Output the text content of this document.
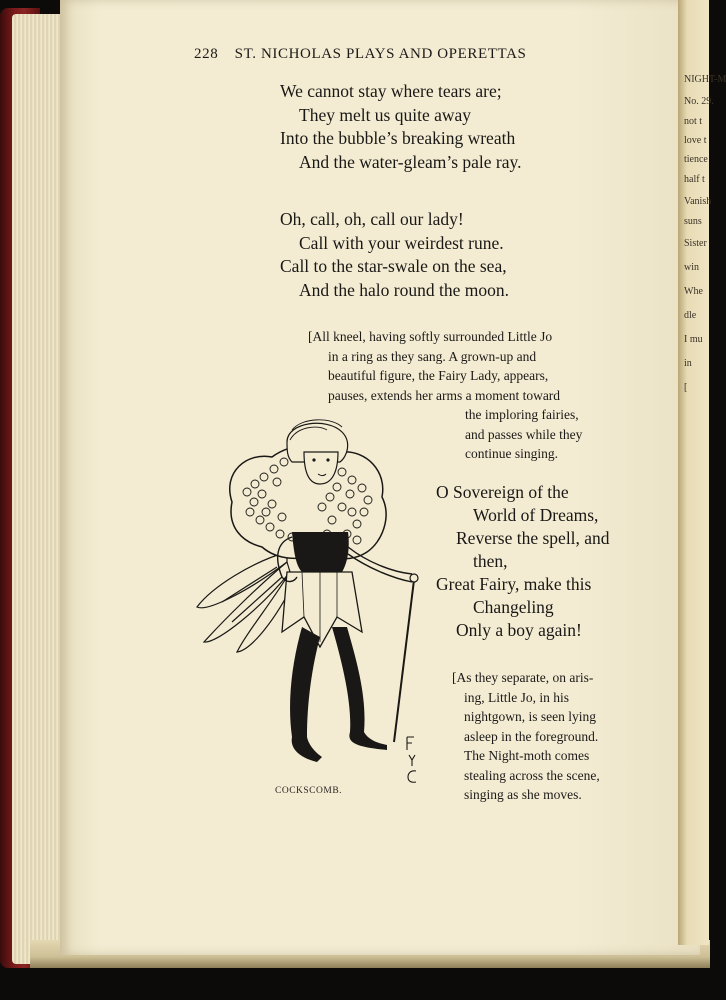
NIGHT-M
No. 29.
not t
love t
tience
half t
Vanish
suns
Sister
win
Whe
dle
I mu
in
[
228 ST. NICHOLAS PLAYS AND OPERETTAS
We cannot stay where tears are;
They melt us quite away
Into the bubble’s breaking wreath
And the water-gleam’s pale ray.
Oh, call, oh, call our lady!
Call with your weirdest rune.
Call to the star-swale on the sea,
And the halo round the moon.
[All kneel, having softly surrounded Little Jo
in a ring as they sang. A grown-up and
beautiful figure, the Fairy Lady, appears,
pauses, extends her arms a moment toward
the imploring fairies,
and passes while they
continue singing.
O Sovereign of the
World of Dreams,
Reverse the spell, and
then,
Great Fairy, make this
Changeling
Only a boy again!
[As they separate, on aris-
ing, Little Jo, in his
nightgown, is seen lying
asleep in the foreground.
The Night-moth comes
stealing across the scene,
singing as she moves.
COCKSCOMB.
